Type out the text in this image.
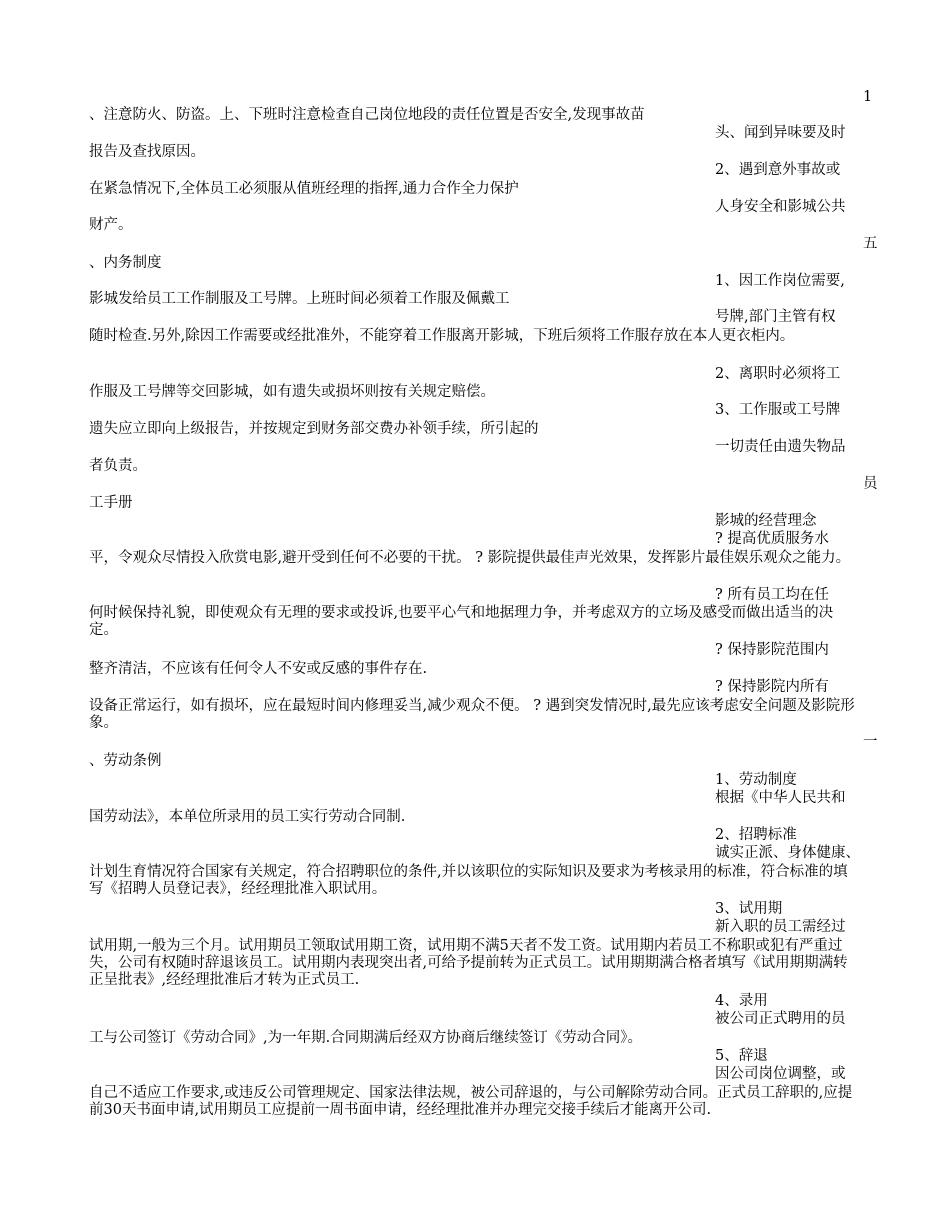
1
五
员
一
、注意防火、防盗。上、下班时注意检查自己岗位地段的责任位置是否安全,发现事故苗
头、闻到异味要及时
报告及查找原因。
2、遇到意外事故或
在紧急情况下,全体员工必须服从值班经理的指挥,通力合作全力保护
人身安全和影城公共
财产。
、内务制度
1、因工作岗位需要,
影城发给员工工作制服及工号牌。上班时间必须着工作服及佩戴工
号牌,部门主管有权
随时检查.另外,除因工作需要或经批准外，不能穿着工作服离开影城，下班后须将工作服存放在本人更衣柜内。
2、离职时必须将工
作服及工号牌等交回影城，如有遗失或损坏则按有关规定赔偿。
3、工作服或工号牌
遗失应立即向上级报告，并按规定到财务部交费办补领手续，所引起的
一切责任由遗失物品
者负责。
工手册
影城的经营理念
? 提高优质服务水
平，令观众尽情投入欣赏电影,避开受到任何不必要的干扰。 ? 影院提供最佳声光效果，发挥影片最佳娱乐观众之能力。
? 所有员工均在任
何时候保持礼貌，即使观众有无理的要求或投诉,也要平心气和地据理力争，并考虑双方的立场及感受而做出适当的决定。
? 保持影院范围内
整齐清洁，不应该有任何令人不安或反感的事件存在.
? 保持影院内所有
设备正常运行，如有损坏，应在最短时间内修理妥当,减少观众不便。 ? 遇到突发情况时,最先应该考虑安全问题及影院形象。
、劳动条例
1、劳动制度
根据《中华人民共和
国劳动法》，本单位所录用的员工实行劳动合同制.
2、招聘标准
诚实正派、身体健康、
计划生育情况符合国家有关规定，符合招聘职位的条件,并以该职位的实际知识及要求为考核录用的标准，符合标准的填写《招聘人员登记表》，经经理批准入职试用。
3、试用期
新入职的员工需经过
试用期,一般为三个月。试用期员工领取试用期工资，试用期不满5天者不发工资。试用期内若员工不称职或犯有严重过失，公司有权随时辞退该员工。试用期内表现突出者,可给予提前转为正式员工。试用期期满合格者填写《试用期期满转正呈批表》,经经理批准后才转为正式员工.
4、录用
被公司正式聘用的员
工与公司签订《劳动合同》,为一年期.合同期满后经双方协商后继续签订《劳动合同》。
5、辞退
因公司岗位调整，或
自己不适应工作要求,或违反公司管理规定、国家法律法规，被公司辞退的，与公司解除劳动合同。正式员工辞职的,应提前30天书面申请,试用期员工应提前一周书面申请，经经理批准并办理完交接手续后才能离开公司.
